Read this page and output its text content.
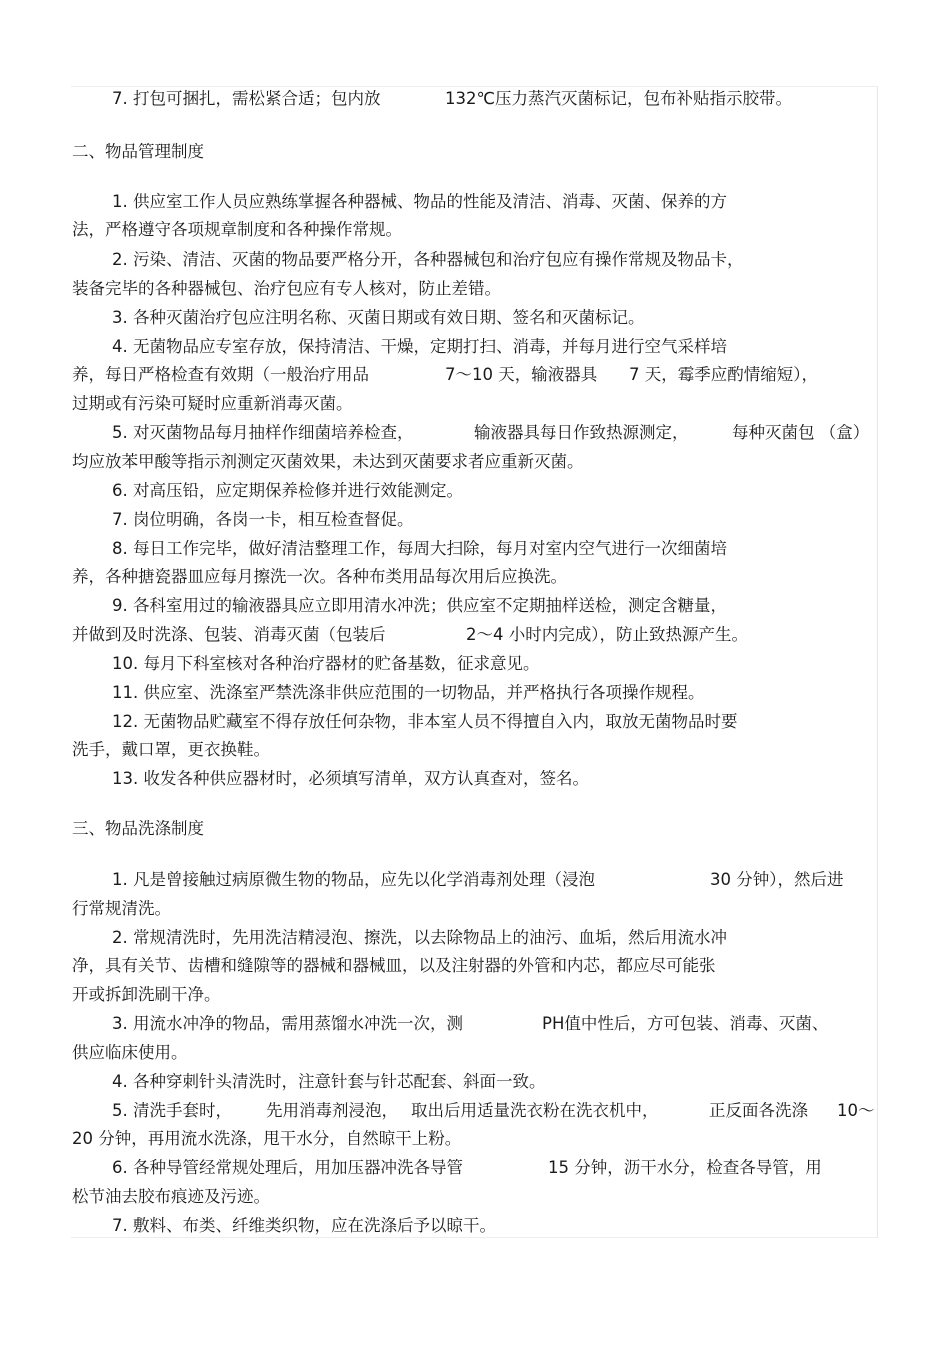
7. 打包可捆扎，需松紧合适；包内放	132℃压力蒸汽灭菌标记，包布补贴指示胶带。
二、物品管理制度
1. 供应室工作人员应熟练掌握各种器械、物品的性能及清洁、消毒、灭菌、保养的方
法，严格遵守各项规章制度和各种操作常规。
2. 污染、清洁、灭菌的物品要严格分开，各种器械包和治疗包应有操作常规及物品卡，
装备完毕的各种器械包、治疗包应有专人核对，防止差错。
3. 各种灭菌治疗包应注明名称、灭菌日期或有效日期、签名和灭菌标记。
4. 无菌物品应专室存放，保持清洁、干燥，定期打扫、消毒，并每月进行空气采样培
养，每日严格检查有效期（一般治疗用品	7～10 天，输液器具 7 天，霉季应酌情缩短），
过期或有污染可疑时应重新消毒灭菌。
5. 对灭菌物品每月抽样作细菌培养检查，	输液器具每日作致热源测定，	每种灭菌包 （盒）
均应放苯甲酸等指示剂测定灭菌效果，未达到灭菌要求者应重新灭菌。
6. 对高压铅，应定期保养检修并进行效能测定。
7. 岗位明确，各岗一卡，相互检查督促。
8. 每日工作完毕，做好清洁整理工作，每周大扫除，每月对室内空气进行一次细菌培
养，各种搪瓷器皿应每月擦洗一次。各种布类用品每次用后应换洗。
9. 各科室用过的输液器具应立即用清水冲洗；供应室不定期抽样送检，测定含糖量，
并做到及时洗涤、包装、消毒灭菌（包装后	2～4 小时内完成），防止致热源产生。
10. 每月下科室核对各种治疗器材的贮备基数，征求意见。
11. 供应室、洗涤室严禁洗涤非供应范围的一切物品，并严格执行各项操作规程。
12. 无菌物品贮藏室不得存放任何杂物，非本室人员不得擅自入内，取放无菌物品时要
洗手，戴口罩，更衣换鞋。
13. 收发各种供应器材时，必须填写清单，双方认真查对，签名。
三、物品洗涤制度
1. 凡是曾接触过病原微生物的物品，应先以化学消毒剂处理（浸泡	30 分钟），然后进
行常规清洗。
2. 常规清洗时，先用洗洁精浸泡、擦洗，以去除物品上的油污、血垢，然后用流水冲
净，具有关节、齿槽和缝隙等的器械和器械皿，以及注射器的外管和内芯，都应尽可能张
开或拆卸洗刷干净。
3. 用流水冲净的物品，需用蒸馏水冲洗一次，测	PH值中性后，方可包装、消毒、灭菌、
供应临床使用。
4. 各种穿刺针头清洗时，注意针套与针芯配套、斜面一致。
5. 清洗手套时， 先用消毒剂浸泡， 取出后用适量洗衣粉在洗衣机中，	正反面各洗涤 10～
20 分钟，再用流水洗涤，甩干水分，自然晾干上粉。
6. 各种导管经常规处理后，用加压器冲洗各导管	15 分钟，沥干水分，检查各导管，用
松节油去胶布痕迹及污迹。
7. 敷料、布类、纤维类织物，应在洗涤后予以晾干。
